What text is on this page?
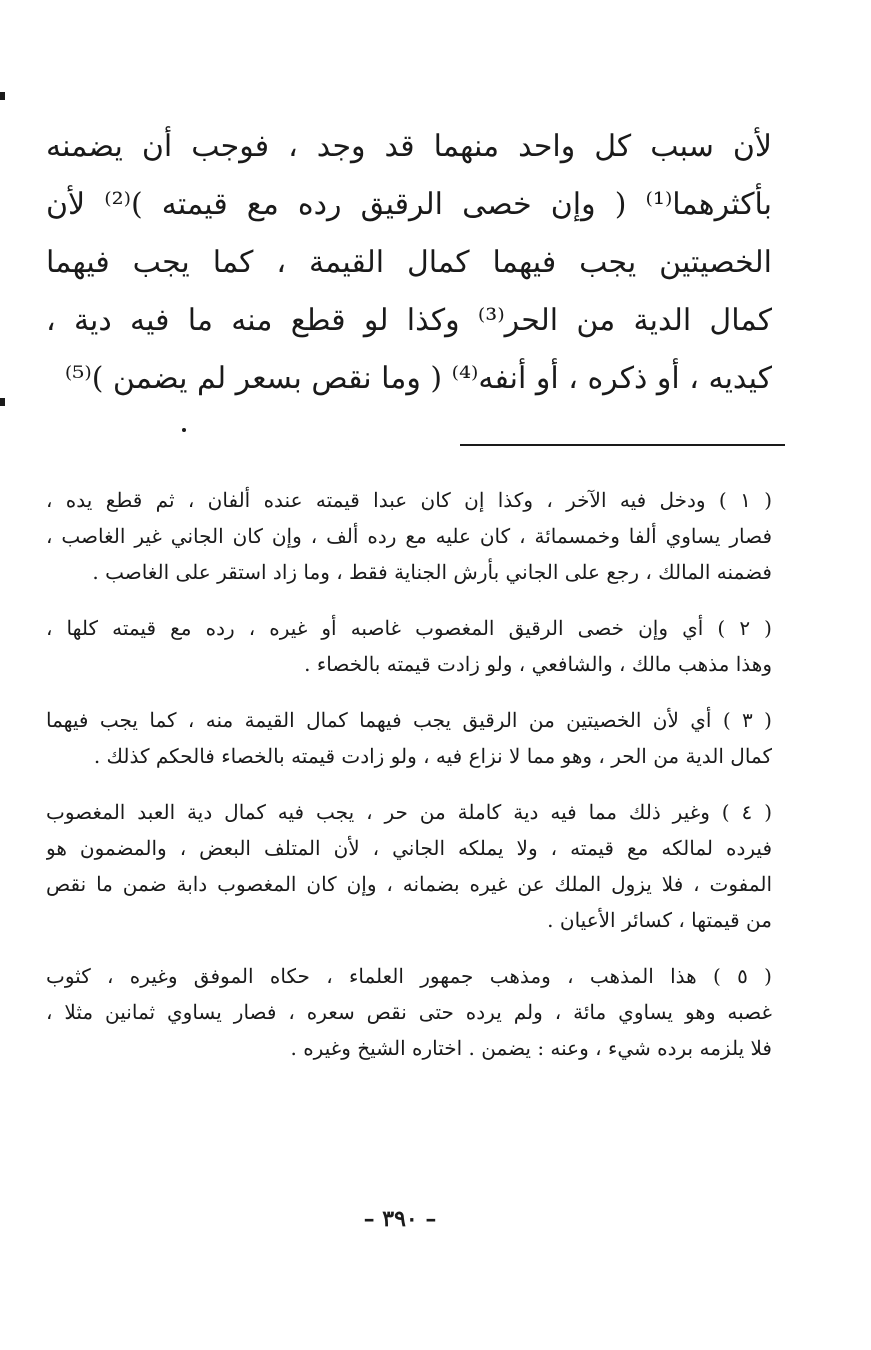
لأن سبب كل واحد منهما قد وجد ، فوجب أن يضمنه
بأكثرهما⁽¹⁾ ( وإن خصى الرقيق رده مع قيمته )⁽²⁾ لأن
الخصيتين يجب فيهما كمال القيمة ، كما يجب فيهما
كمال الدية من الحر⁽³⁾ وكذا لو قطع منه ما فيه دية ،
كيديه ، أو ذكره ، أو أنفه⁽⁴⁾ ( وما نقص بسعر لم يضمن )⁽⁵⁾
( ١ ) ودخل فيه الآخر ، وكذا إن كان عبدا قيمته عنده ألفان ، ثم قطع يده ،
فصار يساوي ألفا وخمسمائة ، كان عليه مع رده ألف ، وإن كان الجاني غير الغاصب ،
فضمنه المالك ، رجع على الجاني بأرش الجناية فقط ، وما زاد استقر على الغاصب .
( ٢ ) أي وإن خصى الرقيق المغصوب غاصبه أو غيره ، رده مع قيمته كلها ،
وهذا مذهب مالك ، والشافعي ، ولو زادت قيمته بالخصاء .
( ٣ ) أي لأن الخصيتين من الرقيق يجب فيهما كمال القيمة منه ، كما يجب فيهما
كمال الدية من الحر ، وهو مما لا نزاع فيه ، ولو زادت قيمته بالخصاء فالحكم كذلك .
( ٤ ) وغير ذلك مما فيه دية كاملة من حر ، يجب فيه كمال دية العبد المغصوب
فيرده لمالكه مع قيمته ، ولا يملكه الجاني ، لأن المتلف البعض ، والمضمون هو
المفوت ، فلا يزول الملك عن غيره بضمانه ، وإن كان المغصوب دابة ضمن ما نقص
من قيمتها ، كسائر الأعيان .
( ٥ ) هذا المذهب ، ومذهب جمهور العلماء ، حكاه الموفق وغيره ، كثوب
غصبه وهو يساوي مائة ، ولم يرده حتى نقص سعره ، فصار يساوي ثمانين مثلا ،
فلا يلزمه برده شيء ، وعنه : يضمن . اختاره الشيخ وغيره .
– ٣٩٠ –
